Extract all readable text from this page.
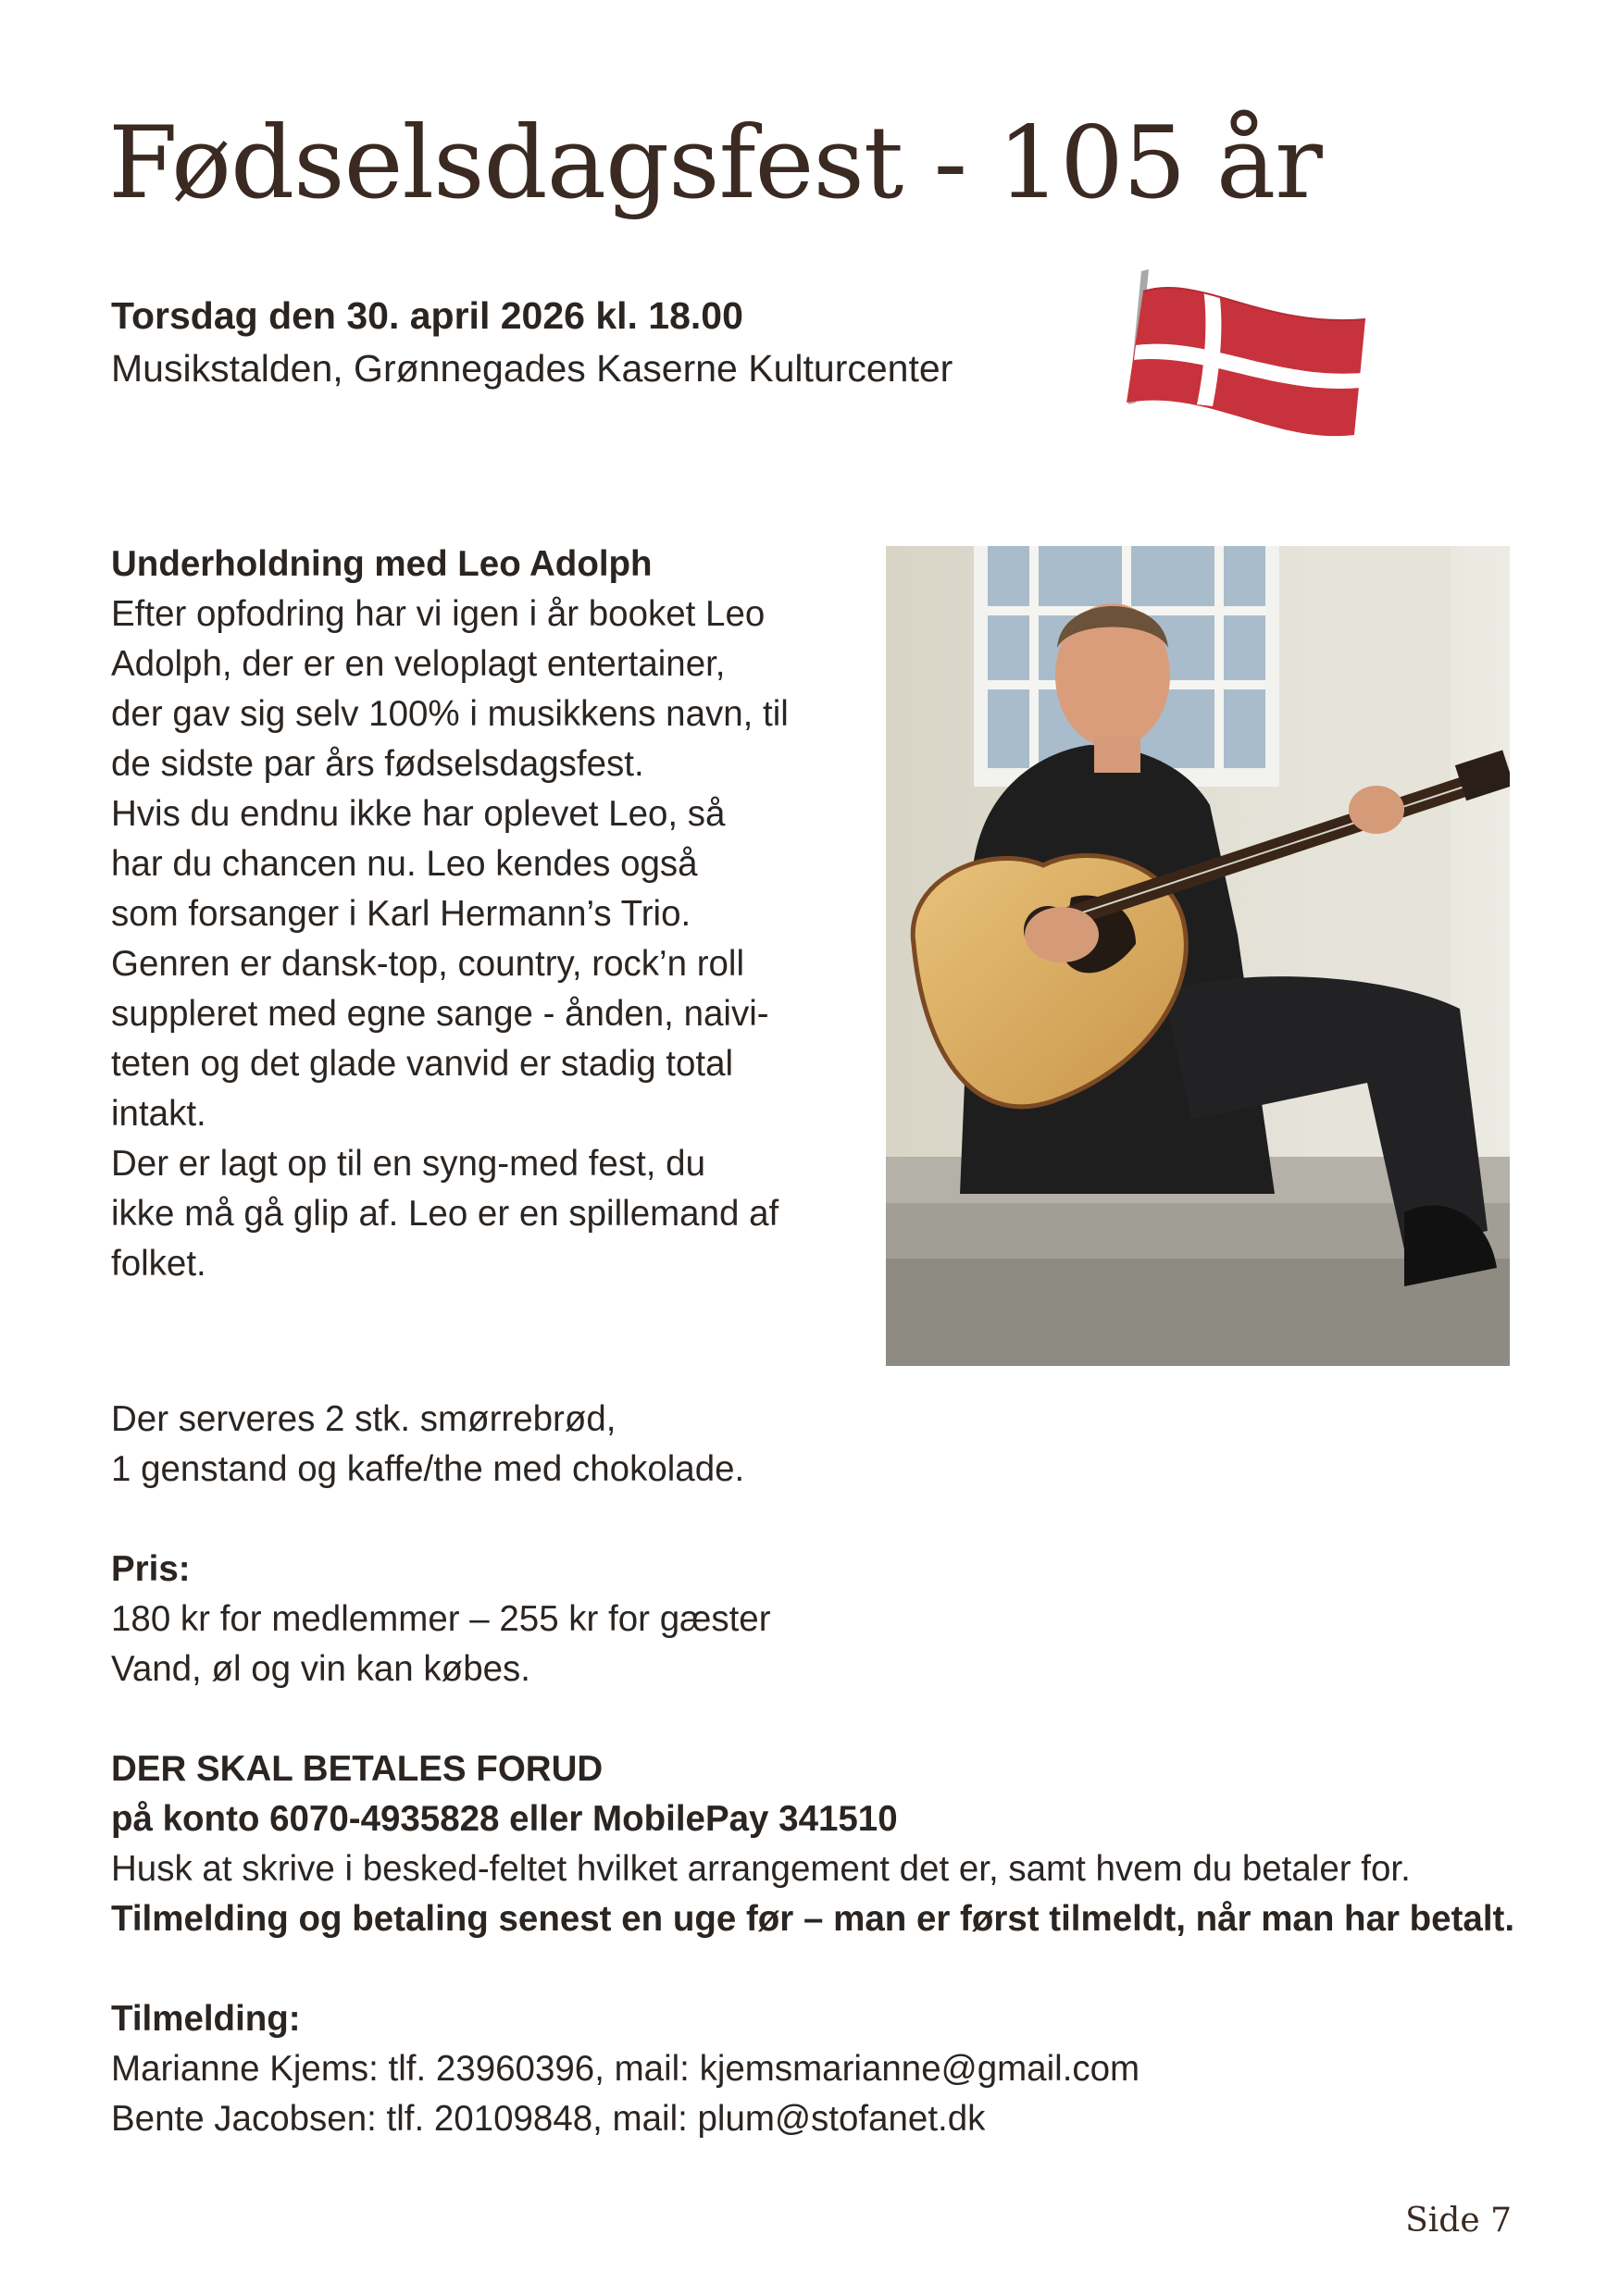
Fødselsdagsfest - 105 år
Torsdag den 30. april 2026 kl. 18.00
Musikstalden, Grønnegades Kaserne Kulturcenter
Underholdning med Leo Adolph
Efter opfodring har vi igen i år booket Leo
Adolph, der er en veloplagt entertainer,
der gav sig selv 100% i musikkens navn, til
de sidste par års fødselsdagsfest.
Hvis du endnu ikke har oplevet Leo, så
har du chancen nu. Leo kendes også
som forsanger i Karl Hermann’s Trio.
Genren er dansk-top, country, rock’n roll
suppleret med egne sange - ånden, naivi-
teten og det glade vanvid er stadig total
intakt.
Der er lagt op til en syng-med fest, du
ikke må gå glip af. Leo er en spillemand af
folket.
Der serveres 2 stk. smørrebrød,
1 genstand og kaffe/the med chokolade.
Pris:
180 kr for medlemmer – 255 kr for gæster
Vand, øl og vin kan købes.
DER SKAL BETALES FORUD
på konto 6070-4935828 eller MobilePay 341510
Husk at skrive i besked-feltet hvilket arrangement det er, samt hvem du betaler for.
Tilmelding og betaling senest en uge før – man er først tilmeldt, når man har betalt.
Tilmelding:
Marianne Kjems: tlf. 23960396, mail: kjemsmarianne@gmail.com
Bente Jacobsen: tlf. 20109848, mail: plum@stofanet.dk
Side 7
